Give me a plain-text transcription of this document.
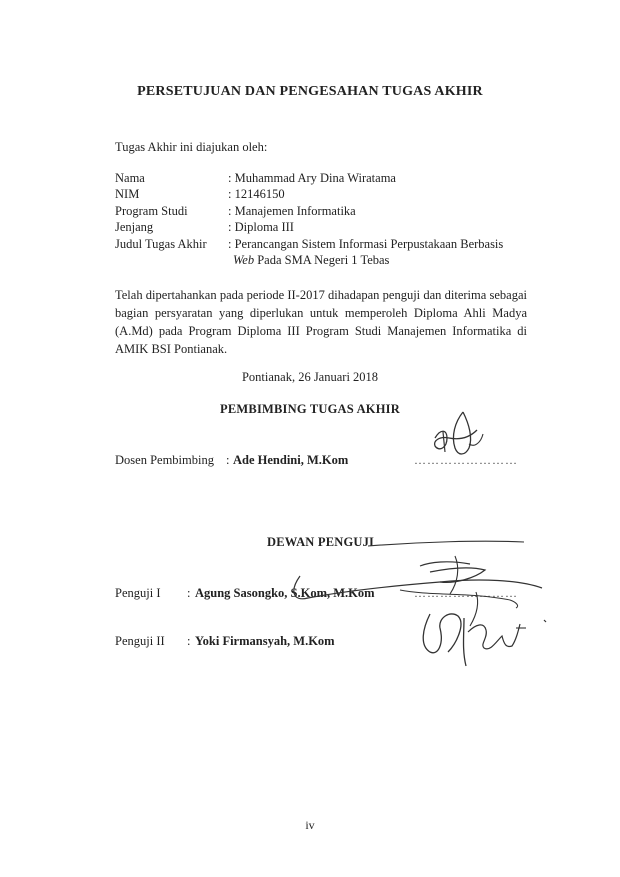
PERSETUJUAN DAN PENGESAHAN TUGAS AKHIR
Tugas Akhir ini diajukan oleh:
Nama	: Muhammad Ary Dina Wiratama
NIM	: 12146150
Program Studi	: Manajemen Informatika
Jenjang	: Diploma III
Judul Tugas Akhir : Perancangan Sistem Informasi Perpustakaan Berbasis
Web Pada SMA Negeri 1 Tebas
Telah dipertahankan pada periode II-2017 dihadapan penguji dan diterima sebagai
bagian persyaratan yang diperlukan untuk memperoleh Diploma Ahli Madya
(A.Md) pada Program Diploma III Program Studi Manajemen Informatika di
AMIK BSI Pontianak.
Pontianak, 26 Januari 2018
PEMBIMBING TUGAS AKHIR
Dosen Pembimbing : Ade Hendini, M.Kom	……………………
DEWAN PENGUJI
Penguji I : Agung Sasongko, S.Kom, M.Kom	……………………
Penguji II : Yoki Firmansyah, M.Kom
iv
